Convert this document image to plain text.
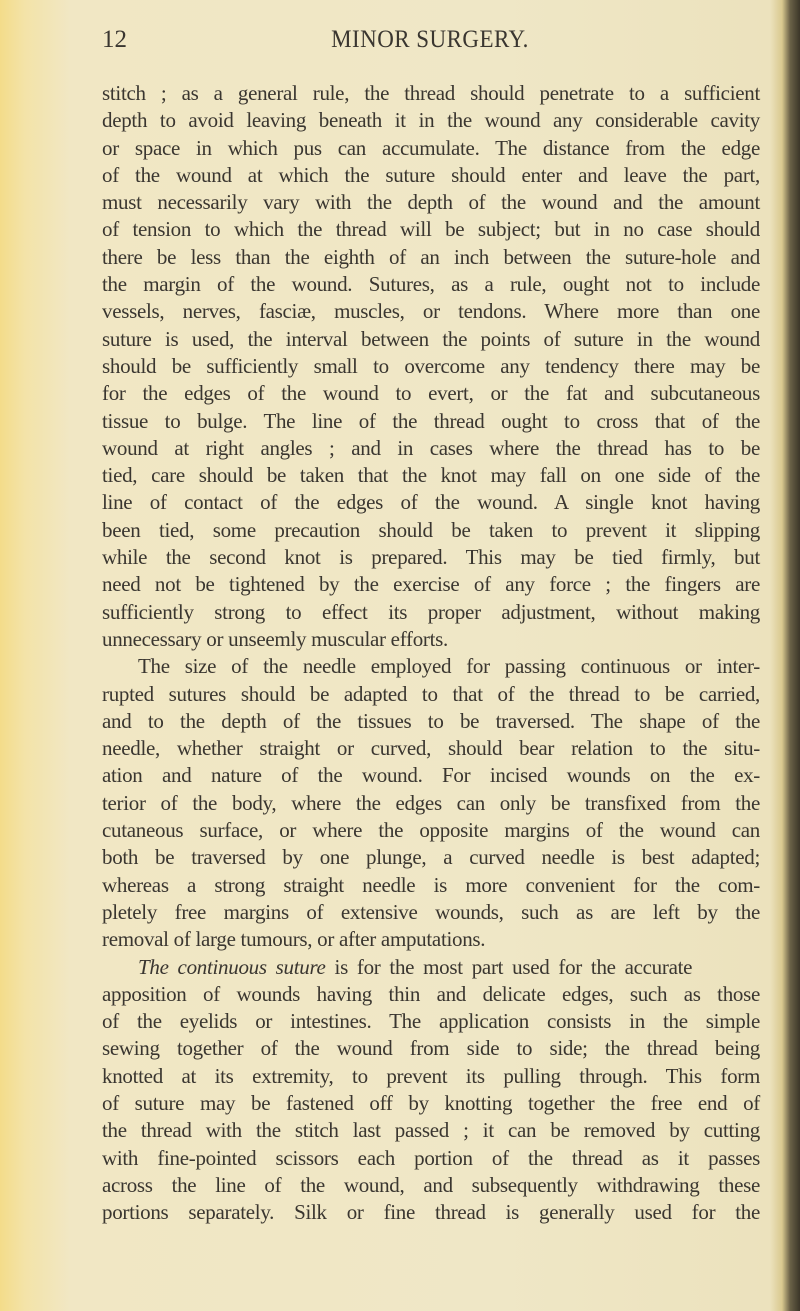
12	MINOR SURGERY.
stitch ; as a general rule, the thread should penetrate to a sufficient
depth to avoid leaving beneath it in the wound any considerable cavity
or space in which pus can accumulate. The distance from the edge
of the wound at which the suture should enter and leave the part,
must necessarily vary with the depth of the wound and the amount
of tension to which the thread will be subject; but in no case should
there be less than the eighth of an inch between the suture-hole and
the margin of the wound. Sutures, as a rule, ought not to include
vessels, nerves, fasciæ, muscles, or tendons. Where more than one
suture is used, the interval between the points of suture in the wound
should be sufficiently small to overcome any tendency there may be
for the edges of the wound to evert, or the fat and subcutaneous
tissue to bulge. The line of the thread ought to cross that of the
wound at right angles ; and in cases where the thread has to be
tied, care should be taken that the knot may fall on one side of the
line of contact of the edges of the wound. A single knot having
been tied, some precaution should be taken to prevent it slipping
while the second knot is prepared. This may be tied firmly, but
need not be tightened by the exercise of any force ; the fingers are
sufficiently strong to effect its proper adjustment, without making
unnecessary or unseemly muscular efforts.
The size of the needle employed for passing continuous or inter-
rupted sutures should be adapted to that of the thread to be carried,
and to the depth of the tissues to be traversed. The shape of the
needle, whether straight or curved, should bear relation to the situ-
ation and nature of the wound. For incised wounds on the ex-
terior of the body, where the edges can only be transfixed from the
cutaneous surface, or where the opposite margins of the wound can
both be traversed by one plunge, a curved needle is best adapted;
whereas a strong straight needle is more convenient for the com-
pletely free margins of extensive wounds, such as are left by the
removal of large tumours, or after amputations.
The continuous suture is for the most part used for the accurate
apposition of wounds having thin and delicate edges, such as those
of the eyelids or intestines. The application consists in the simple
sewing together of the wound from side to side; the thread being
knotted at its extremity, to prevent its pulling through. This form
of suture may be fastened off by knotting together the free end of
the thread with the stitch last passed ; it can be removed by cutting
with fine-pointed scissors each portion of the thread as it passes
across the line of the wound, and subsequently withdrawing these
portions separately. Silk or fine thread is generally used for the
